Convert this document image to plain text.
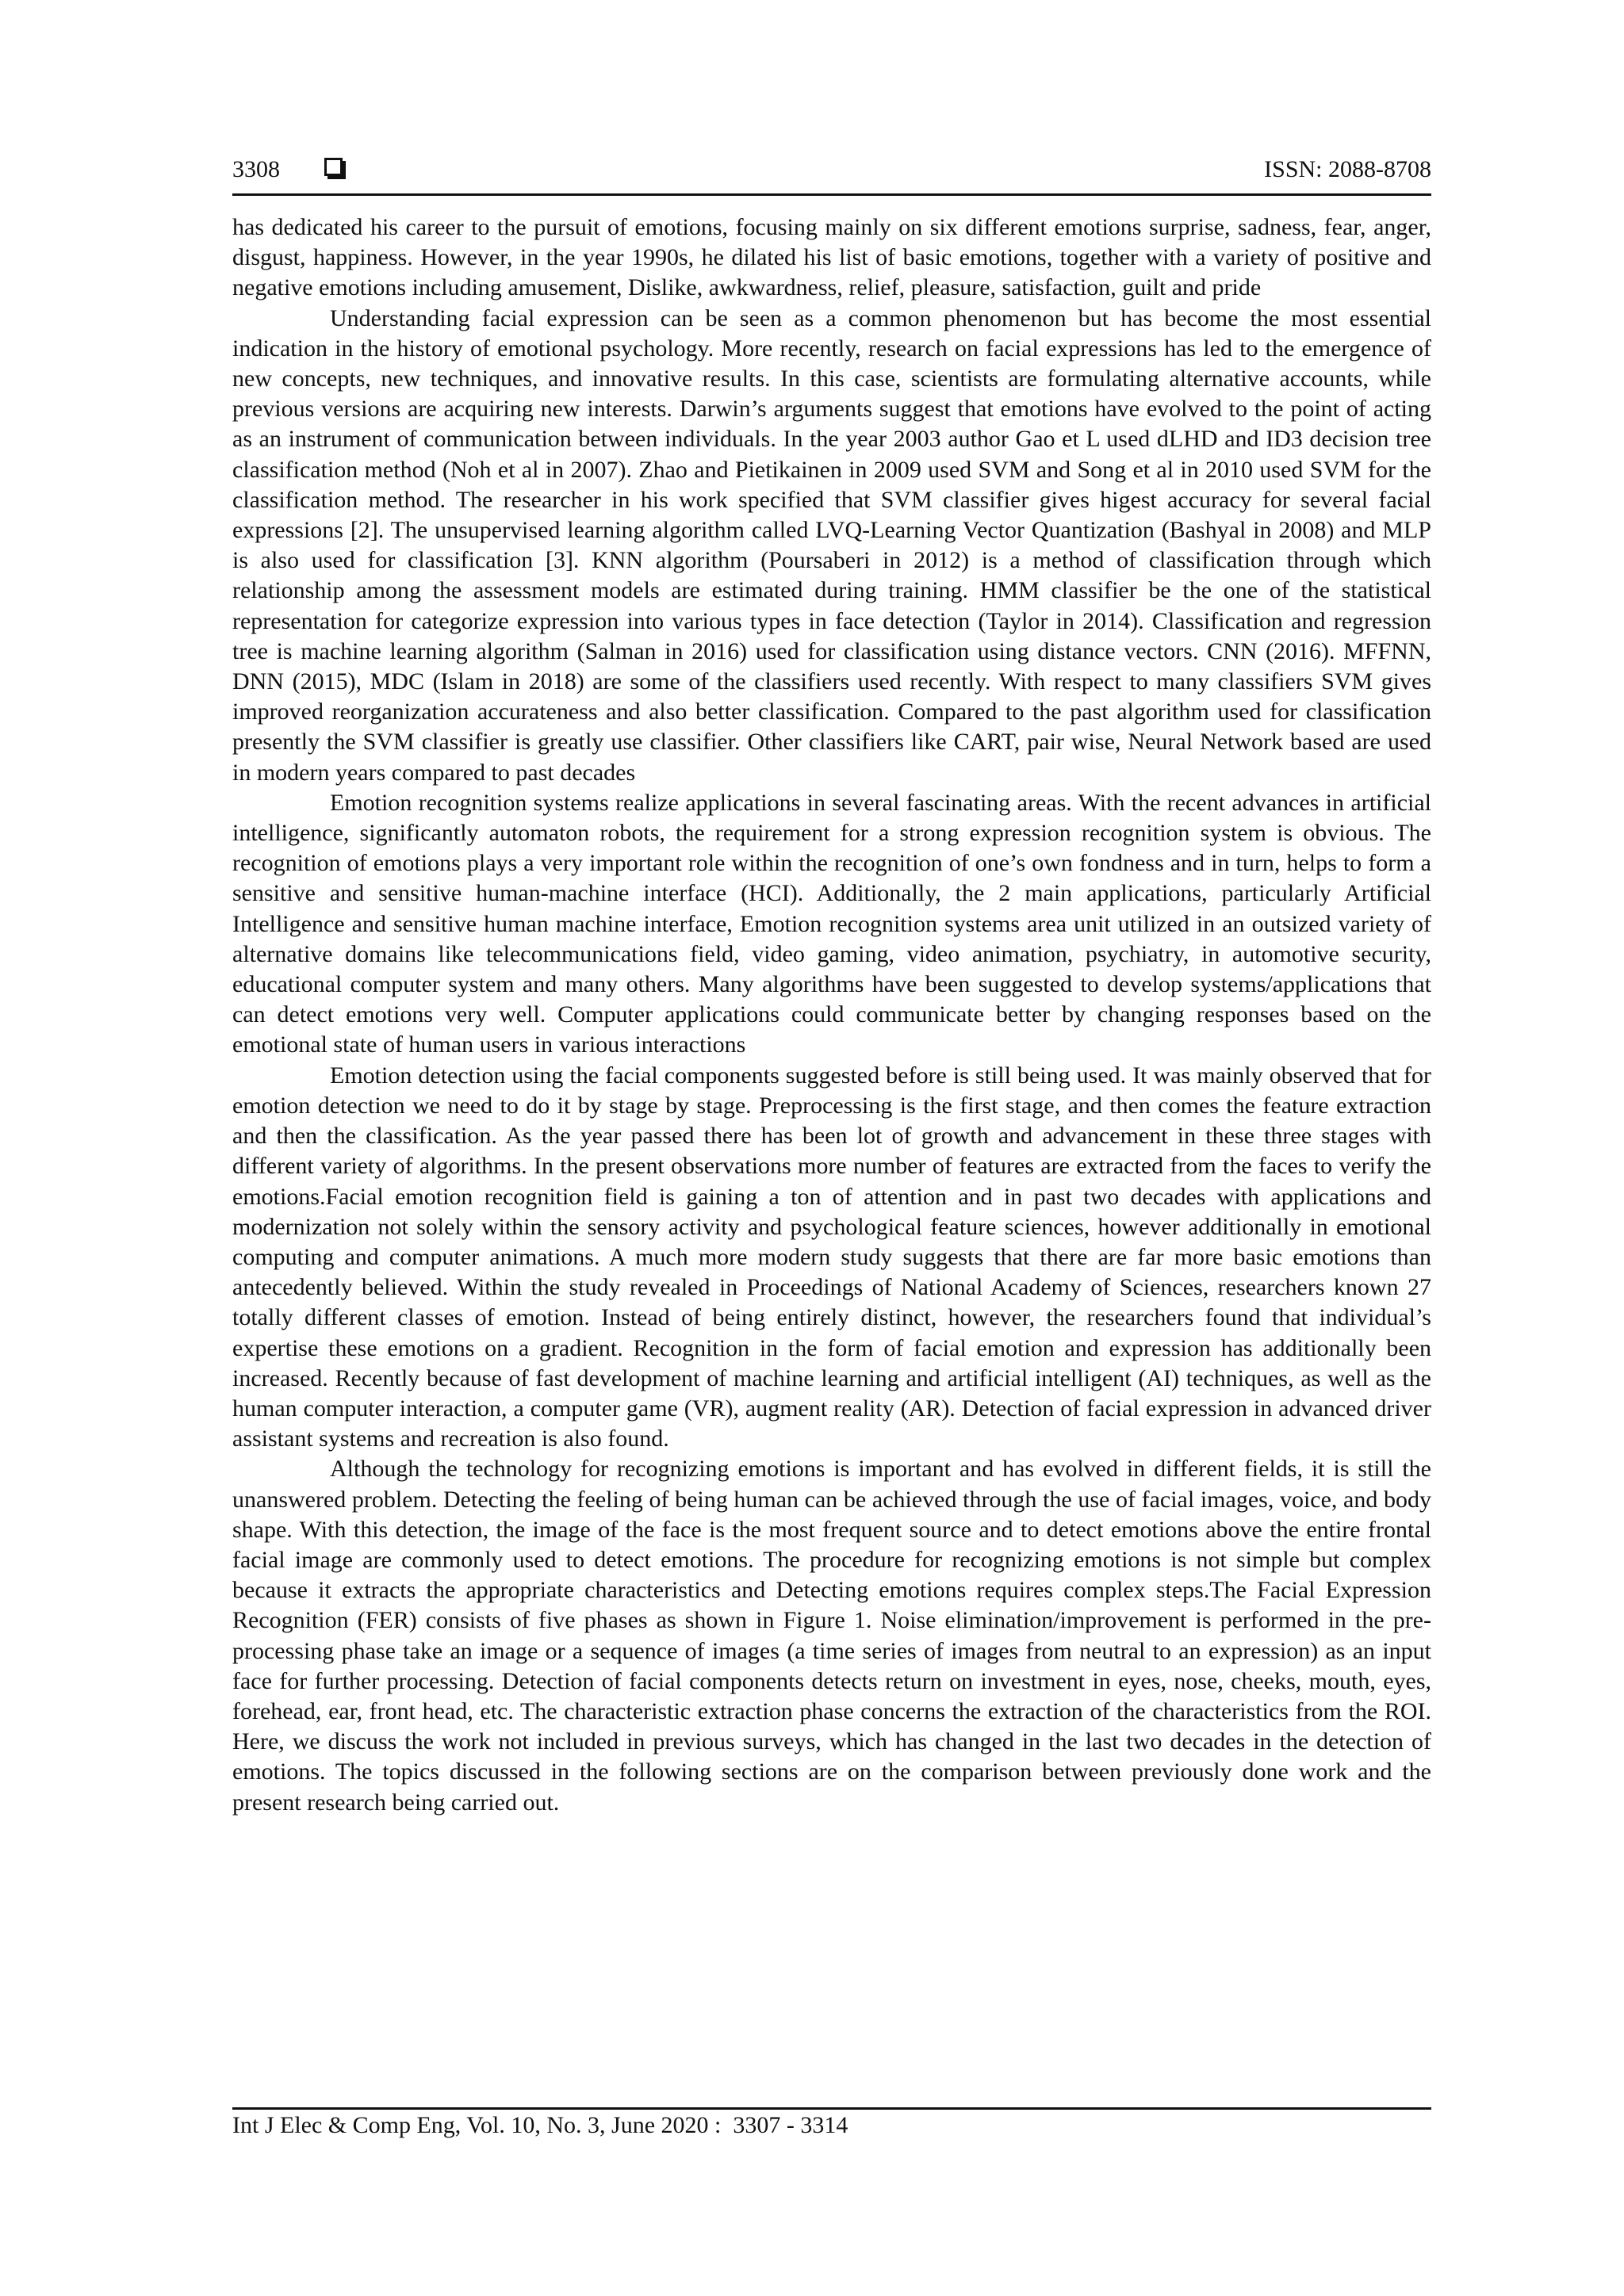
3308	ISSN: 2088-8708

has dedicated his career to the pursuit of emotions, focusing mainly on six different emotions surprise, sadness, fear, anger, disgust, happiness. However, in the year 1990s, he dilated his list of basic emotions, together with a variety of positive and negative emotions including amusement, Dislike, awkwardness, relief, pleasure, satisfaction, guilt and pride

Understanding facial expression can be seen as a common phenomenon but has become the most essential indication in the history of emotional psychology. More recently, research on facial expressions has led to the emergence of new concepts, new techniques, and innovative results. In this case, scientists are formulating alternative accounts, while previous versions are acquiring new interests. Darwin’s arguments suggest that emotions have evolved to the point of acting as an instrument of communication between individuals. In the year 2003 author Gao et L used dLHD and ID3 decision tree classification method (Noh et al in 2007). Zhao and Pietikainen in 2009 used SVM and Song et al in 2010 used SVM for the classification method. The researcher in his work specified that SVM classifier gives higest accuracy for several facial expressions [2]. The unsupervised learning algorithm called LVQ-Learning Vector Quantization (Bashyal in 2008) and MLP is also used for classification [3]. KNN algorithm (Poursaberi in 2012) is a method of classification through which relationship among the assessment models are estimated during training. HMM classifier be the one of the statistical representation for categorize expression into various types in face detection (Taylor in 2014). Classification and regression tree is machine learning algorithm (Salman in 2016) used for classification using distance vectors. CNN (2016). MFFNN, DNN (2015), MDC (Islam in 2018) are some of the classifiers used recently. With respect to many classifiers SVM gives improved reorganization accurateness and also better classification. Compared to the past algorithm used for classification presently the SVM classifier is greatly use classifier. Other classifiers like CART, pair wise, Neural Network based are used in modern years compared to past decades

Emotion recognition systems realize applications in several fascinating areas. With the recent advances in artificial intelligence, significantly automaton robots, the requirement for a strong expression recognition system is obvious. The recognition of emotions plays a very important role within the recognition of one’s own fondness and in turn, helps to form a sensitive and sensitive human-machine interface (HCI). Additionally, the 2 main applications, particularly Artificial Intelligence and sensitive human machine interface, Emotion recognition systems area unit utilized in an outsized variety of alternative domains like telecommunications field, video gaming, video animation, psychiatry, in automotive security, educational computer system and many others. Many algorithms have been suggested to develop systems/applications that can detect emotions very well. Computer applications could communicate better by changing responses based on the emotional state of human users in various interactions

Emotion detection using the facial components suggested before is still being used. It was mainly observed that for emotion detection we need to do it by stage by stage. Preprocessing is the first stage, and then comes the feature extraction and then the classification. As the year passed there has been lot of growth and advancement in these three stages with different variety of algorithms. In the present observations more number of features are extracted from the faces to verify the emotions.Facial emotion recognition field is gaining a ton of attention and in past two decades with applications and modernization not solely within the sensory activity and psychological feature sciences, however additionally in emotional computing and computer animations. A much more modern study suggests that there are far more basic emotions than antecedently believed. Within the study revealed in Proceedings of National Academy of Sciences, researchers known 27 totally different classes of emotion. Instead of being entirely distinct, however, the researchers found that individual’s expertise these emotions on a gradient. Recognition in the form of facial emotion and expression has additionally been increased. Recently because of fast development of machine learning and artificial intelligent (AI) techniques, as well as the human computer interaction, a computer game (VR), augment reality (AR). Detection of facial expression in advanced driver assistant systems and recreation is also found.

Although the technology for recognizing emotions is important and has evolved in different fields, it is still the unanswered problem. Detecting the feeling of being human can be achieved through the use of facial images, voice, and body shape. With this detection, the image of the face is the most frequent source and to detect emotions above the entire frontal facial image are commonly used to detect emotions. The procedure for recognizing emotions is not simple but complex because it extracts the appropriate characteristics and Detecting emotions requires complex steps.The Facial Expression Recognition (FER) consists of five phases as shown in Figure 1. Noise elimination/improvement is performed in the pre-processing phase take an image or a sequence of images (a time series of images from neutral to an expression) as an input face for further processing. Detection of facial components detects return on investment in eyes, nose, cheeks, mouth, eyes, forehead, ear, front head, etc. The characteristic extraction phase concerns the extraction of the characteristics from the ROI. Here, we discuss the work not included in previous surveys, which has changed in the last two decades in the detection of emotions. The topics discussed in the following sections are on the comparison between previously done work and the present research being carried out.

Int J Elec & Comp Eng, Vol. 10, No. 3, June 2020 :  3307 - 3314
